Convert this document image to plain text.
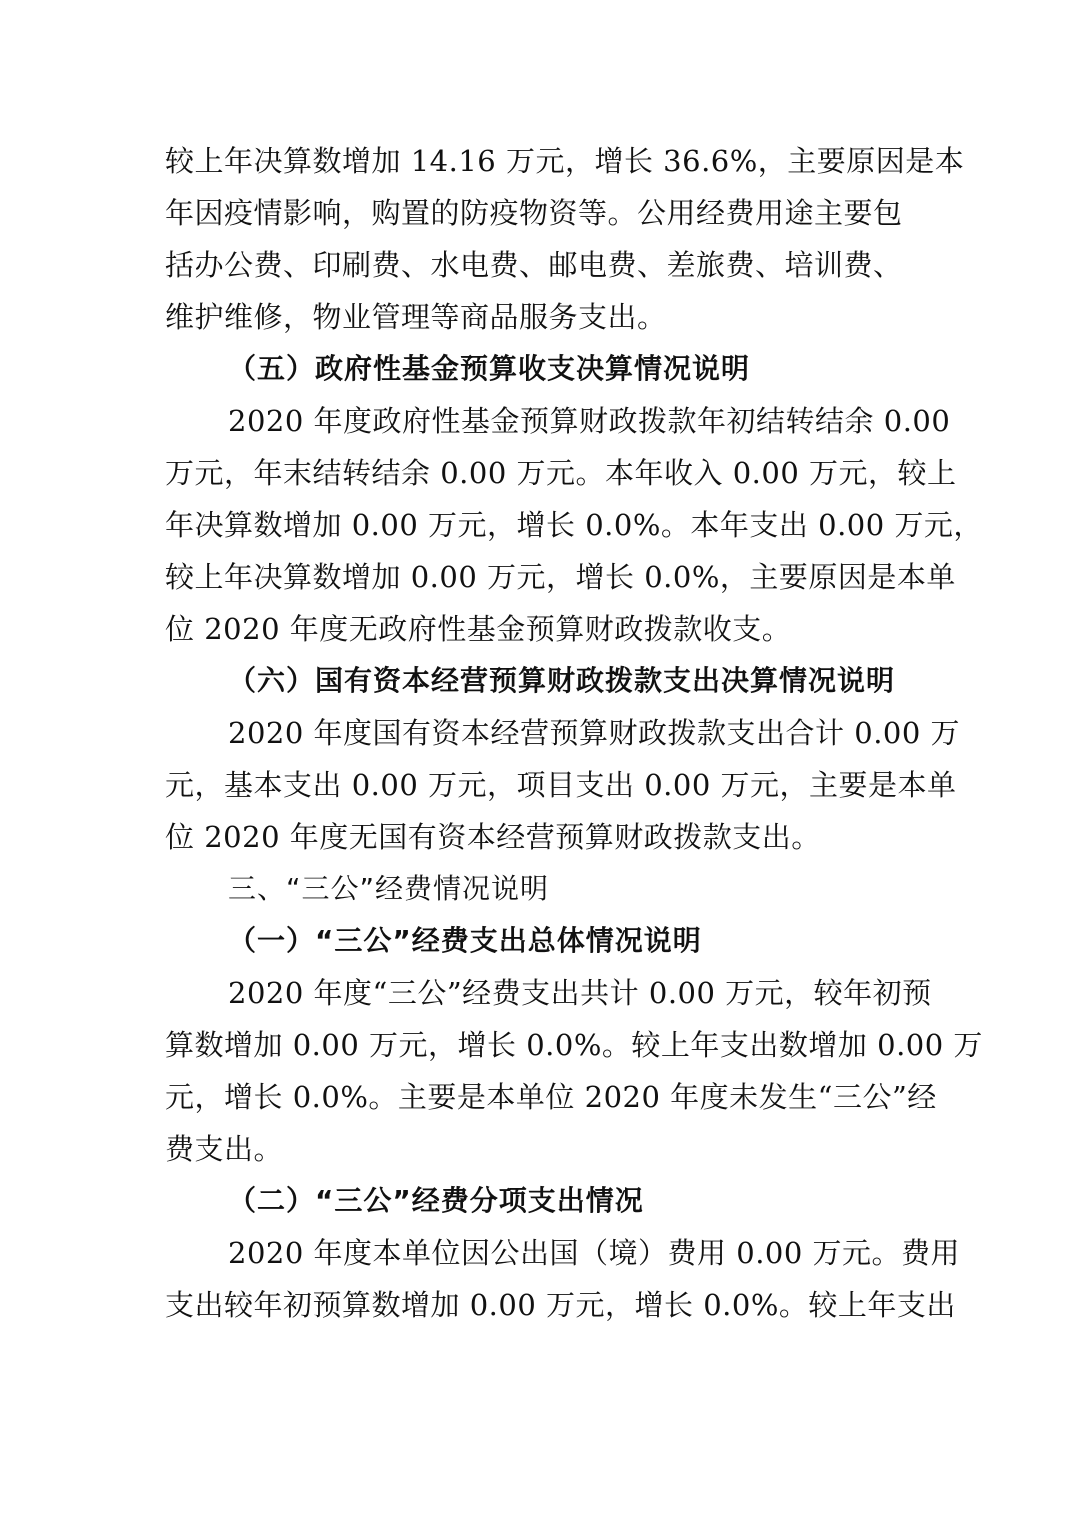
较上年决算数增加 14.16 万元，增长 36.6%，主要原因是本
年因疫情影响，购置的防疫物资等。公用经费用途主要包
括办公费、印刷费、水电费、邮电费、差旅费、培训费、
维护维修，物业管理等商品服务支出。
（五）政府性基金预算收支决算情况说明
2020 年度政府性基金预算财政拨款年初结转结余 0.00
万元，年末结转结余 0.00 万元。本年收入 0.00 万元，较上
年决算数增加 0.00 万元，增长 0.0%。本年支出 0.00 万元，
较上年决算数增加 0.00 万元，增长 0.0%，主要原因是本单
位 2020 年度无政府性基金预算财政拨款收支。
（六）国有资本经营预算财政拨款支出决算情况说明
2020 年度国有资本经营预算财政拨款支出合计 0.00 万
元，基本支出 0.00 万元，项目支出 0.00 万元，主要是本单
位 2020 年度无国有资本经营预算财政拨款支出。
三、“三公”经费情况说明
（一）“三公”经费支出总体情况说明
2020 年度“三公”经费支出共计 0.00 万元，较年初预
算数增加 0.00 万元，增长 0.0%。较上年支出数增加 0.00 万
元，增长 0.0%。主要是本单位 2020 年度未发生“三公”经
费支出。
（二）“三公”经费分项支出情况
2020 年度本单位因公出国（境）费用 0.00 万元。费用
支出较年初预算数增加 0.00 万元，增长 0.0%。较上年支出
